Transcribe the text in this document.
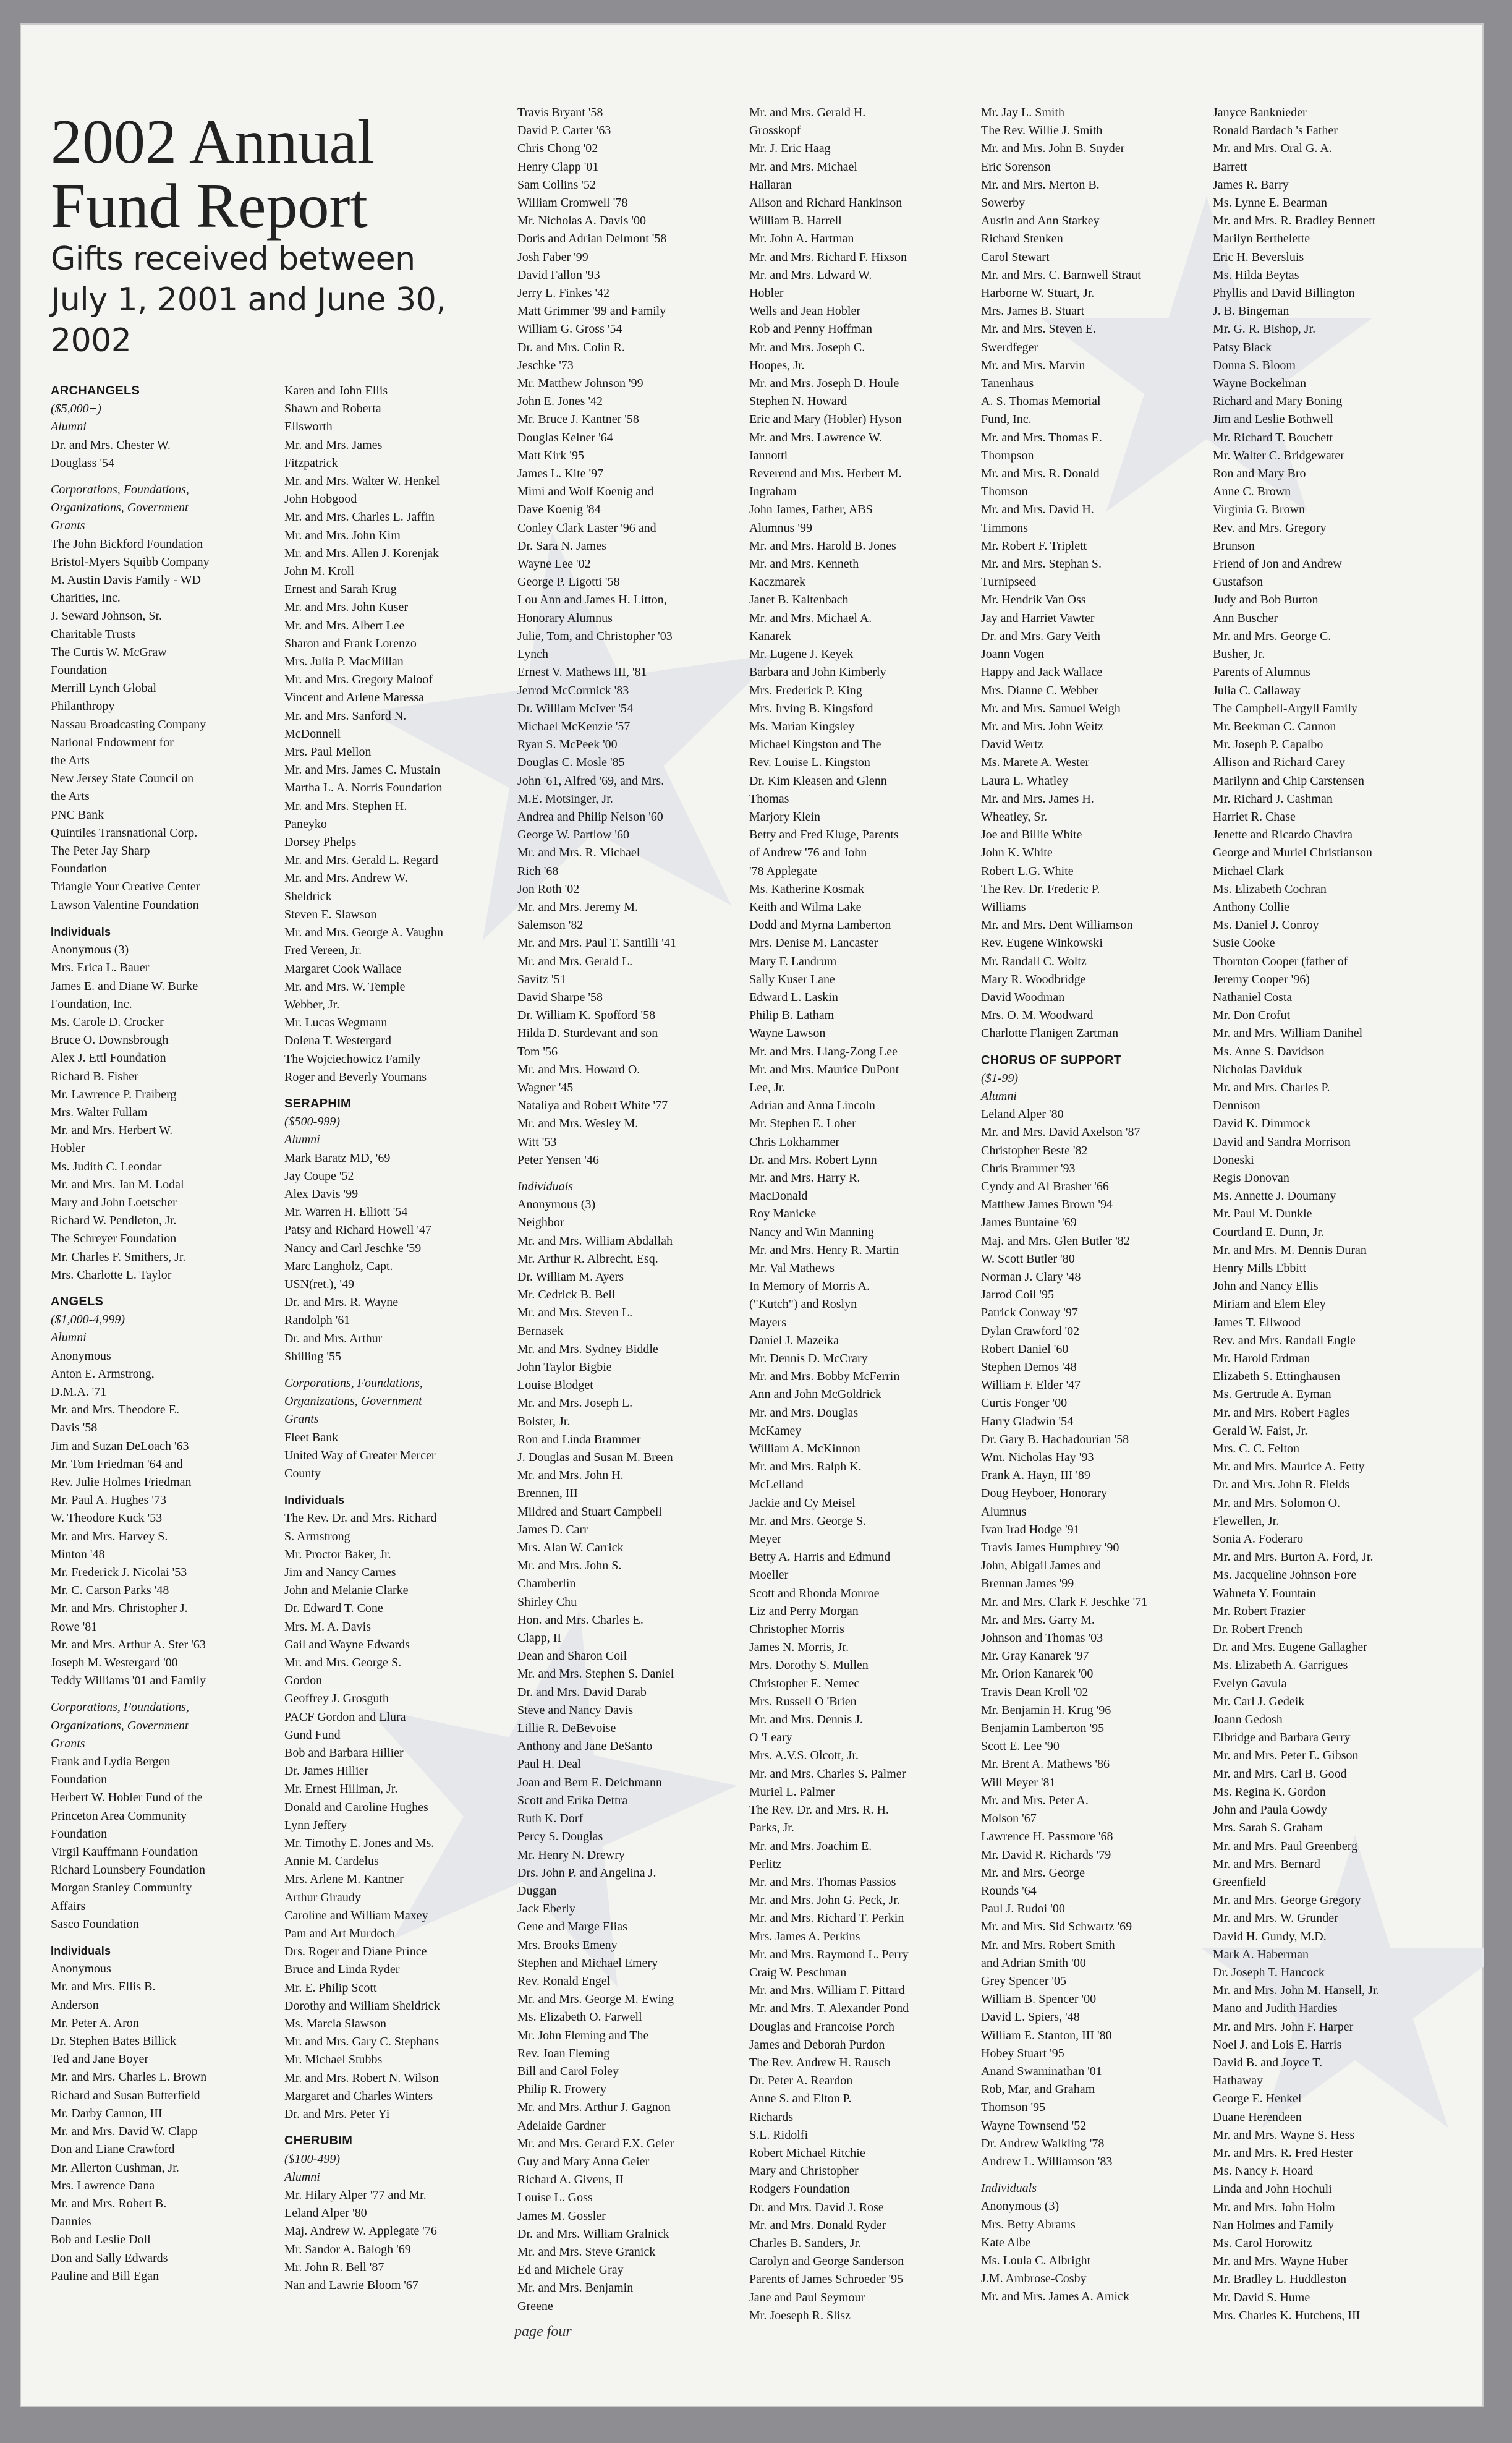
2002 Annual
Fund Report
Gifts received between
July 1, 2001 and June 30, 2002
ARCHANGELS
($5,000+)
Alumni
Dr. and Mrs. Chester W.
Douglass '54
Corporations, Foundations,
Organizations, Government
Grants
The John Bickford Foundation
Bristol-Myers Squibb Company
M. Austin Davis Family - WD
Charities, Inc.
J. Seward Johnson, Sr.
Charitable Trusts
The Curtis W. McGraw
Foundation
Merrill Lynch Global
Philanthropy
Nassau Broadcasting Company
National Endowment for
the Arts
New Jersey State Council on
the Arts
PNC Bank
Quintiles Transnational Corp.
The Peter Jay Sharp
Foundation
Triangle Your Creative Center
Lawson Valentine Foundation
Individuals
Anonymous (3)
Mrs. Erica L. Bauer
James E. and Diane W. Burke
Foundation, Inc.
Ms. Carole D. Crocker
Bruce O. Downsbrough
Alex J. Ettl Foundation
Richard B. Fisher
Mr. Lawrence P. Fraiberg
Mrs. Walter Fullam
Mr. and Mrs. Herbert W.
Hobler
Ms. Judith C. Leondar
Mr. and Mrs. Jan M. Lodal
Mary and John Loetscher
Richard W. Pendleton, Jr.
The Schreyer Foundation
Mr. Charles F. Smithers, Jr.
Mrs. Charlotte L. Taylor
ANGELS
($1,000-4,999)
Alumni
Anonymous
Anton E. Armstrong,
D.M.A. '71
Mr. and Mrs. Theodore E.
Davis '58
Jim and Suzan DeLoach '63
Mr. Tom Friedman '64 and
Rev. Julie Holmes Friedman
Mr. Paul A. Hughes '73
W. Theodore Kuck '53
Mr. and Mrs. Harvey S.
Minton '48
Mr. Frederick J. Nicolai '53
Mr. C. Carson Parks '48
Mr. and Mrs. Christopher J.
Rowe '81
Mr. and Mrs. Arthur A. Ster '63
Joseph M. Westergard '00
Teddy Williams '01 and Family
Corporations, Foundations,
Organizations, Government
Grants
Frank and Lydia Bergen
Foundation
Herbert W. Hobler Fund of the
Princeton Area Community
Foundation
Virgil Kauffmann Foundation
Richard Lounsbery Foundation
Morgan Stanley Community
Affairs
Sasco Foundation
Individuals
Anonymous
Mr. and Mrs. Ellis B.
Anderson
Mr. Peter A. Aron
Dr. Stephen Bates Billick
Ted and Jane Boyer
Mr. and Mrs. Charles L. Brown
Richard and Susan Butterfield
Mr. Darby Cannon, III
Mr. and Mrs. David W. Clapp
Don and Liane Crawford
Mr. Allerton Cushman, Jr.
Mrs. Lawrence Dana
Mr. and Mrs. Robert B.
Dannies
Bob and Leslie Doll
Don and Sally Edwards
Pauline and Bill Egan
Karen and John Ellis
Shawn and Roberta
Ellsworth
Mr. and Mrs. James
Fitzpatrick
Mr. and Mrs. Walter W. Henkel
John Hobgood
Mr. and Mrs. Charles L. Jaffin
Mr. and Mrs. John Kim
Mr. and Mrs. Allen J. Korenjak
John M. Kroll
Ernest and Sarah Krug
Mr. and Mrs. John Kuser
Mr. and Mrs. Albert Lee
Sharon and Frank Lorenzo
Mrs. Julia P. MacMillan
Mr. and Mrs. Gregory Maloof
Vincent and Arlene Maressa
Mr. and Mrs. Sanford N.
McDonnell
Mrs. Paul Mellon
Mr. and Mrs. James C. Mustain
Martha L. A. Norris Foundation
Mr. and Mrs. Stephen H.
Paneyko
Dorsey Phelps
Mr. and Mrs. Gerald L. Regard
Mr. and Mrs. Andrew W.
Sheldrick
Steven E. Slawson
Mr. and Mrs. George A. Vaughn
Fred Vereen, Jr.
Margaret Cook Wallace
Mr. and Mrs. W. Temple
Webber, Jr.
Mr. Lucas Wegmann
Dolena T. Westergard
The Wojciechowicz Family
Roger and Beverly Youmans
SERAPHIM
($500-999)
Alumni
Mark Baratz MD, '69
Jay Coupe '52
Alex Davis '99
Mr. Warren H. Elliott '54
Patsy and Richard Howell '47
Nancy and Carl Jeschke '59
Marc Langholz, Capt.
USN(ret.), '49
Dr. and Mrs. R. Wayne
Randolph '61
Dr. and Mrs. Arthur
Shilling '55
Corporations, Foundations,
Organizations, Government
Grants
Fleet Bank
United Way of Greater Mercer
County
Individuals
The Rev. Dr. and Mrs. Richard
S. Armstrong
Mr. Proctor Baker, Jr.
Jim and Nancy Carnes
John and Melanie Clarke
Dr. Edward T. Cone
Mrs. M. A. Davis
Gail and Wayne Edwards
Mr. and Mrs. George S.
Gordon
Geoffrey J. Grosguth
PACF Gordon and Llura
Gund Fund
Bob and Barbara Hillier
Dr. James Hillier
Mr. Ernest Hillman, Jr.
Donald and Caroline Hughes
Lynn Jeffery
Mr. Timothy E. Jones and Ms.
Annie M. Cardelus
Mrs. Arlene M. Kantner
Arthur Giraudy
Caroline and William Maxey
Pam and Art Murdoch
Drs. Roger and Diane Prince
Bruce and Linda Ryder
Mr. E. Philip Scott
Dorothy and William Sheldrick
Ms. Marcia Slawson
Mr. and Mrs. Gary C. Stephans
Mr. Michael Stubbs
Mr. and Mrs. Robert N. Wilson
Margaret and Charles Winters
Dr. and Mrs. Peter Yi
CHERUBIM
($100-499)
Alumni
Mr. Hilary Alper '77 and Mr.
Leland Alper '80
Maj. Andrew W. Applegate '76
Mr. Sandor A. Balogh '69
Mr. John R. Bell '87
Nan and Lawrie Bloom '67
Travis Bryant '58
David P. Carter '63
Chris Chong '02
Henry Clapp '01
Sam Collins '52
William Cromwell '78
Mr. Nicholas A. Davis '00
Doris and Adrian Delmont '58
Josh Faber '99
David Fallon '93
Jerry L. Finkes '42
Matt Grimmer '99 and Family
William G. Gross '54
Dr. and Mrs. Colin R.
Jeschke '73
Mr. Matthew Johnson '99
John E. Jones '42
Mr. Bruce J. Kantner '58
Douglas Kelner '64
Matt Kirk '95
James L. Kite '97
Mimi and Wolf Koenig and
Dave Koenig '84
Conley Clark Laster '96 and
Dr. Sara N. James
Wayne Lee '02
George P. Ligotti '58
Lou Ann and James H. Litton,
Honorary Alumnus
Julie, Tom, and Christopher '03
Lynch
Ernest V. Mathews III, '81
Jerrod McCormick '83
Dr. William McIver '54
Michael McKenzie '57
Ryan S. McPeek '00
Douglas C. Mosle '85
John '61, Alfred '69, and Mrs.
M.E. Motsinger, Jr.
Andrea and Philip Nelson '60
George W. Partlow '60
Mr. and Mrs. R. Michael
Rich '68
Jon Roth '02
Mr. and Mrs. Jeremy M.
Salemson '82
Mr. and Mrs. Paul T. Santilli '41
Mr. and Mrs. Gerald L.
Savitz '51
David Sharpe '58
Dr. William K. Spofford '58
Hilda D. Sturdevant and son
Tom '56
Mr. and Mrs. Howard O.
Wagner '45
Nataliya and Robert White '77
Mr. and Mrs. Wesley M.
Witt '53
Peter Yensen '46
Individuals
Anonymous (3)
Neighbor
Mr. and Mrs. William Abdallah
Mr. Arthur R. Albrecht, Esq.
Dr. William M. Ayers
Mr. Cedrick B. Bell
Mr. and Mrs. Steven L.
Bernasek
Mr. and Mrs. Sydney Biddle
John Taylor Bigbie
Louise Blodget
Mr. and Mrs. Joseph L.
Bolster, Jr.
Ron and Linda Brammer
J. Douglas and Susan M. Breen
Mr. and Mrs. John H.
Brennen, III
Mildred and Stuart Campbell
James D. Carr
Mrs. Alan W. Carrick
Mr. and Mrs. John S.
Chamberlin
Shirley Chu
Hon. and Mrs. Charles E.
Clapp, II
Dean and Sharon Coil
Mr. and Mrs. Stephen S. Daniel
Dr. and Mrs. David Darab
Steve and Nancy Davis
Lillie R. DeBevoise
Anthony and Jane DeSanto
Paul H. Deal
Joan and Bern E. Deichmann
Scott and Erika Dettra
Ruth K. Dorf
Percy S. Douglas
Mr. Henry N. Drewry
Drs. John P. and Angelina J.
Duggan
Jack Eberly
Gene and Marge Elias
Mrs. Brooks Emeny
Stephen and Michael Emery
Rev. Ronald Engel
Mr. and Mrs. George M. Ewing
Ms. Elizabeth O. Farwell
Mr. John Fleming and The
Rev. Joan Fleming
Bill and Carol Foley
Philip R. Frowery
Mr. and Mrs. Arthur J. Gagnon
Adelaide Gardner
Mr. and Mrs. Gerard F.X. Geier
Guy and Mary Anna Geier
Richard A. Givens, II
Louise L. Goss
James M. Gossler
Dr. and Mrs. William Gralnick
Mr. and Mrs. Steve Granick
Ed and Michele Gray
Mr. and Mrs. Benjamin
Greene
Mr. and Mrs. Gerald H.
Grosskopf
Mr. J. Eric Haag
Mr. and Mrs. Michael
Hallaran
Alison and Richard Hankinson
William B. Harrell
Mr. John A. Hartman
Mr. and Mrs. Richard F. Hixson
Mr. and Mrs. Edward W.
Hobler
Wells and Jean Hobler
Rob and Penny Hoffman
Mr. and Mrs. Joseph C.
Hoopes, Jr.
Mr. and Mrs. Joseph D. Houle
Stephen N. Howard
Eric and Mary (Hobler) Hyson
Mr. and Mrs. Lawrence W.
Iannotti
Reverend and Mrs. Herbert M.
Ingraham
John James, Father, ABS
Alumnus '99
Mr. and Mrs. Harold B. Jones
Mr. and Mrs. Kenneth
Kaczmarek
Janet B. Kaltenbach
Mr. and Mrs. Michael A.
Kanarek
Mr. Eugene J. Keyek
Barbara and John Kimberly
Mrs. Frederick P. King
Mrs. Irving B. Kingsford
Ms. Marian Kingsley
Michael Kingston and The
Rev. Louise L. Kingston
Dr. Kim Kleasen and Glenn
Thomas
Marjory Klein
Betty and Fred Kluge, Parents
of Andrew '76 and John
'78 Applegate
Ms. Katherine Kosmak
Keith and Wilma Lake
Dodd and Myrna Lamberton
Mrs. Denise M. Lancaster
Mary F. Landrum
Sally Kuser Lane
Edward L. Laskin
Philip B. Latham
Wayne Lawson
Mr. and Mrs. Liang-Zong Lee
Mr. and Mrs. Maurice DuPont
Lee, Jr.
Adrian and Anna Lincoln
Mr. Stephen E. Loher
Chris Lokhammer
Dr. and Mrs. Robert Lynn
Mr. and Mrs. Harry R.
MacDonald
Roy Manicke
Nancy and Win Manning
Mr. and Mrs. Henry R. Martin
Mr. Val Mathews
In Memory of Morris A.
("Kutch") and Roslyn
Mayers
Daniel J. Mazeika
Mr. Dennis D. McCrary
Mr. and Mrs. Bobby McFerrin
Ann and John McGoldrick
Mr. and Mrs. Douglas
McKamey
William A. McKinnon
Mr. and Mrs. Ralph K.
McLelland
Jackie and Cy Meisel
Mr. and Mrs. George S.
Meyer
Betty A. Harris and Edmund
Moeller
Scott and Rhonda Monroe
Liz and Perry Morgan
Christopher Morris
James N. Morris, Jr.
Mrs. Dorothy S. Mullen
Christopher E. Nemec
Mrs. Russell O 'Brien
Mr. and Mrs. Dennis J.
O 'Leary
Mrs. A.V.S. Olcott, Jr.
Mr. and Mrs. Charles S. Palmer
Muriel L. Palmer
The Rev. Dr. and Mrs. R. H.
Parks, Jr.
Mr. and Mrs. Joachim E.
Perlitz
Mr. and Mrs. Thomas Passios
Mr. and Mrs. John G. Peck, Jr.
Mr. and Mrs. Richard T. Perkin
Mrs. James A. Perkins
Mr. and Mrs. Raymond L. Perry
Craig W. Peschman
Mr. and Mrs. William F. Pittard
Mr. and Mrs. T. Alexander Pond
Douglas and Francoise Porch
James and Deborah Purdon
The Rev. Andrew H. Rausch
Dr. Peter A. Reardon
Anne S. and Elton P.
Richards
S.L. Ridolfi
Robert Michael Ritchie
Mary and Christopher
Rodgers Foundation
Dr. and Mrs. David J. Rose
Mr. and Mrs. Donald Ryder
Charles B. Sanders, Jr.
Carolyn and George Sanderson
Parents of James Schroeder '95
Jane and Paul Seymour
Mr. Joeseph R. Slisz
Mr. Jay L. Smith
The Rev. Willie J. Smith
Mr. and Mrs. John B. Snyder
Eric Sorenson
Mr. and Mrs. Merton B.
Sowerby
Austin and Ann Starkey
Richard Stenken
Carol Stewart
Mr. and Mrs. C. Barnwell Straut
Harborne W. Stuart, Jr.
Mrs. James B. Stuart
Mr. and Mrs. Steven E.
Swerdfeger
Mr. and Mrs. Marvin
Tanenhaus
A. S. Thomas Memorial
Fund, Inc.
Mr. and Mrs. Thomas E.
Thompson
Mr. and Mrs. R. Donald
Thomson
Mr. and Mrs. David H.
Timmons
Mr. Robert F. Triplett
Mr. and Mrs. Stephan S.
Turnipseed
Mr. Hendrik Van Oss
Jay and Harriet Vawter
Dr. and Mrs. Gary Veith
Joann Vogen
Happy and Jack Wallace
Mrs. Dianne C. Webber
Mr. and Mrs. Samuel Weigh
Mr. and Mrs. John Weitz
David Wertz
Ms. Marete A. Wester
Laura L. Whatley
Mr. and Mrs. James H.
Wheatley, Sr.
Joe and Billie White
John K. White
Robert L.G. White
The Rev. Dr. Frederic P.
Williams
Mr. and Mrs. Dent Williamson
Rev. Eugene Winkowski
Mr. Randall C. Woltz
Mary R. Woodbridge
David Woodman
Mrs. O. M. Woodward
Charlotte Flanigen Zartman
CHORUS OF SUPPORT
($1-99)
Alumni
Leland Alper '80
Mr. and Mrs. David Axelson '87
Christopher Beste '82
Chris Brammer '93
Cyndy and Al Brasher '66
Matthew James Brown '94
James Buntaine '69
Maj. and Mrs. Glen Butler '82
W. Scott Butler '80
Norman J. Clary '48
Jarrod Coil '95
Patrick Conway '97
Dylan Crawford '02
Robert Daniel '60
Stephen Demos '48
William F. Elder '47
Curtis Fonger '00
Harry Gladwin '54
Dr. Gary B. Hachadourian '58
Wm. Nicholas Hay '93
Frank A. Hayn, III '89
Doug Heyboer, Honorary
Alumnus
Ivan Irad Hodge '91
Travis James Humphrey '90
John, Abigail James and
Brennan James '99
Mr. and Mrs. Clark F. Jeschke '71
Mr. and Mrs. Garry M.
Johnson and Thomas '03
Mr. Gray Kanarek '97
Mr. Orion Kanarek '00
Travis Dean Kroll '02
Mr. Benjamin H. Krug '96
Benjamin Lamberton '95
Scott E. Lee '90
Mr. Brent A. Mathews '86
Will Meyer '81
Mr. and Mrs. Peter A.
Molson '67
Lawrence H. Passmore '68
Mr. David R. Richards '79
Mr. and Mrs. George
Rounds '64
Paul J. Rudoi '00
Mr. and Mrs. Sid Schwartz '69
Mr. and Mrs. Robert Smith
and Adrian Smith '00
Grey Spencer '05
William B. Spencer '00
David L. Spiers, '48
William E. Stanton, III '80
Hobey Stuart '95
Anand Swaminathan '01
Rob, Mar, and Graham
Thomson '95
Wayne Townsend '52
Dr. Andrew Walkling '78
Andrew L. Williamson '83
Individuals
Anonymous (3)
Mrs. Betty Abrams
Kate Albe
Ms. Loula C. Albright
J.M. Ambrose-Cosby
Mr. and Mrs. James A. Amick
Janyce Banknieder
Ronald Bardach 's Father
Mr. and Mrs. Oral G. A.
Barrett
James R. Barry
Ms. Lynne E. Bearman
Mr. and Mrs. R. Bradley Bennett
Marilyn Berthelette
Eric H. Beversluis
Ms. Hilda Beytas
Phyllis and David Billington
J. B. Bingeman
Mr. G. R. Bishop, Jr.
Patsy Black
Donna S. Bloom
Wayne Bockelman
Richard and Mary Boning
Jim and Leslie Bothwell
Mr. Richard T. Bouchett
Mr. Walter C. Bridgewater
Ron and Mary Bro
Anne C. Brown
Virginia G. Brown
Rev. and Mrs. Gregory
Brunson
Friend of Jon and Andrew
Gustafson
Judy and Bob Burton
Ann Buscher
Mr. and Mrs. George C.
Busher, Jr.
Parents of Alumnus
Julia C. Callaway
The Campbell-Argyll Family
Mr. Beekman C. Cannon
Mr. Joseph P. Capalbo
Allison and Richard Carey
Marilynn and Chip Carstensen
Mr. Richard J. Cashman
Harriet R. Chase
Jenette and Ricardo Chavira
George and Muriel Christianson
Michael Clark
Ms. Elizabeth Cochran
Anthony Collie
Ms. Daniel J. Conroy
Susie Cooke
Thornton Cooper (father of
Jeremy Cooper '96)
Nathaniel Costa
Mr. Don Crofut
Mr. and Mrs. William Danihel
Ms. Anne S. Davidson
Nicholas Daviduk
Mr. and Mrs. Charles P.
Dennison
David K. Dimmock
David and Sandra Morrison
Doneski
Regis Donovan
Ms. Annette J. Doumany
Mr. Paul M. Dunkle
Courtland E. Dunn, Jr.
Mr. and Mrs. M. Dennis Duran
Henry Mills Ebbitt
John and Nancy Ellis
Miriam and Elem Eley
James T. Ellwood
Rev. and Mrs. Randall Engle
Mr. Harold Erdman
Elizabeth S. Ettinghausen
Ms. Gertrude A. Eyman
Mr. and Mrs. Robert Fagles
Gerald W. Faist, Jr.
Mrs. C. C. Felton
Mr. and Mrs. Maurice A. Fetty
Dr. and Mrs. John R. Fields
Mr. and Mrs. Solomon O.
Flewellen, Jr.
Sonia A. Foderaro
Mr. and Mrs. Burton A. Ford, Jr.
Ms. Jacqueline Johnson Fore
Wahneta Y. Fountain
Mr. Robert Frazier
Dr. Robert French
Dr. and Mrs. Eugene Gallagher
Ms. Elizabeth A. Garrigues
Evelyn Gavula
Mr. Carl J. Gedeik
Joann Gedosh
Elbridge and Barbara Gerry
Mr. and Mrs. Peter E. Gibson
Mr. and Mrs. Carl B. Good
Ms. Regina K. Gordon
John and Paula Gowdy
Mrs. Sarah S. Graham
Mr. and Mrs. Paul Greenberg
Mr. and Mrs. Bernard
Greenfield
Mr. and Mrs. George Gregory
Mr. and Mrs. W. Grunder
David H. Gundy, M.D.
Mark A. Haberman
Dr. Joseph T. Hancock
Mr. and Mrs. John M. Hansell, Jr.
Mano and Judith Hardies
Mr. and Mrs. John F. Harper
Noel J. and Lois E. Harris
David B. and Joyce T.
Hathaway
George E. Henkel
Duane Herendeen
Mr. and Mrs. Wayne S. Hess
Mr. and Mrs. R. Fred Hester
Ms. Nancy F. Hoard
Linda and John Hochuli
Mr. and Mrs. John Holm
Nan Holmes and Family
Ms. Carol Horowitz
Mr. and Mrs. Wayne Huber
Mr. Bradley L. Huddleston
Mr. David S. Hume
Mrs. Charles K. Hutchens, III
page four
